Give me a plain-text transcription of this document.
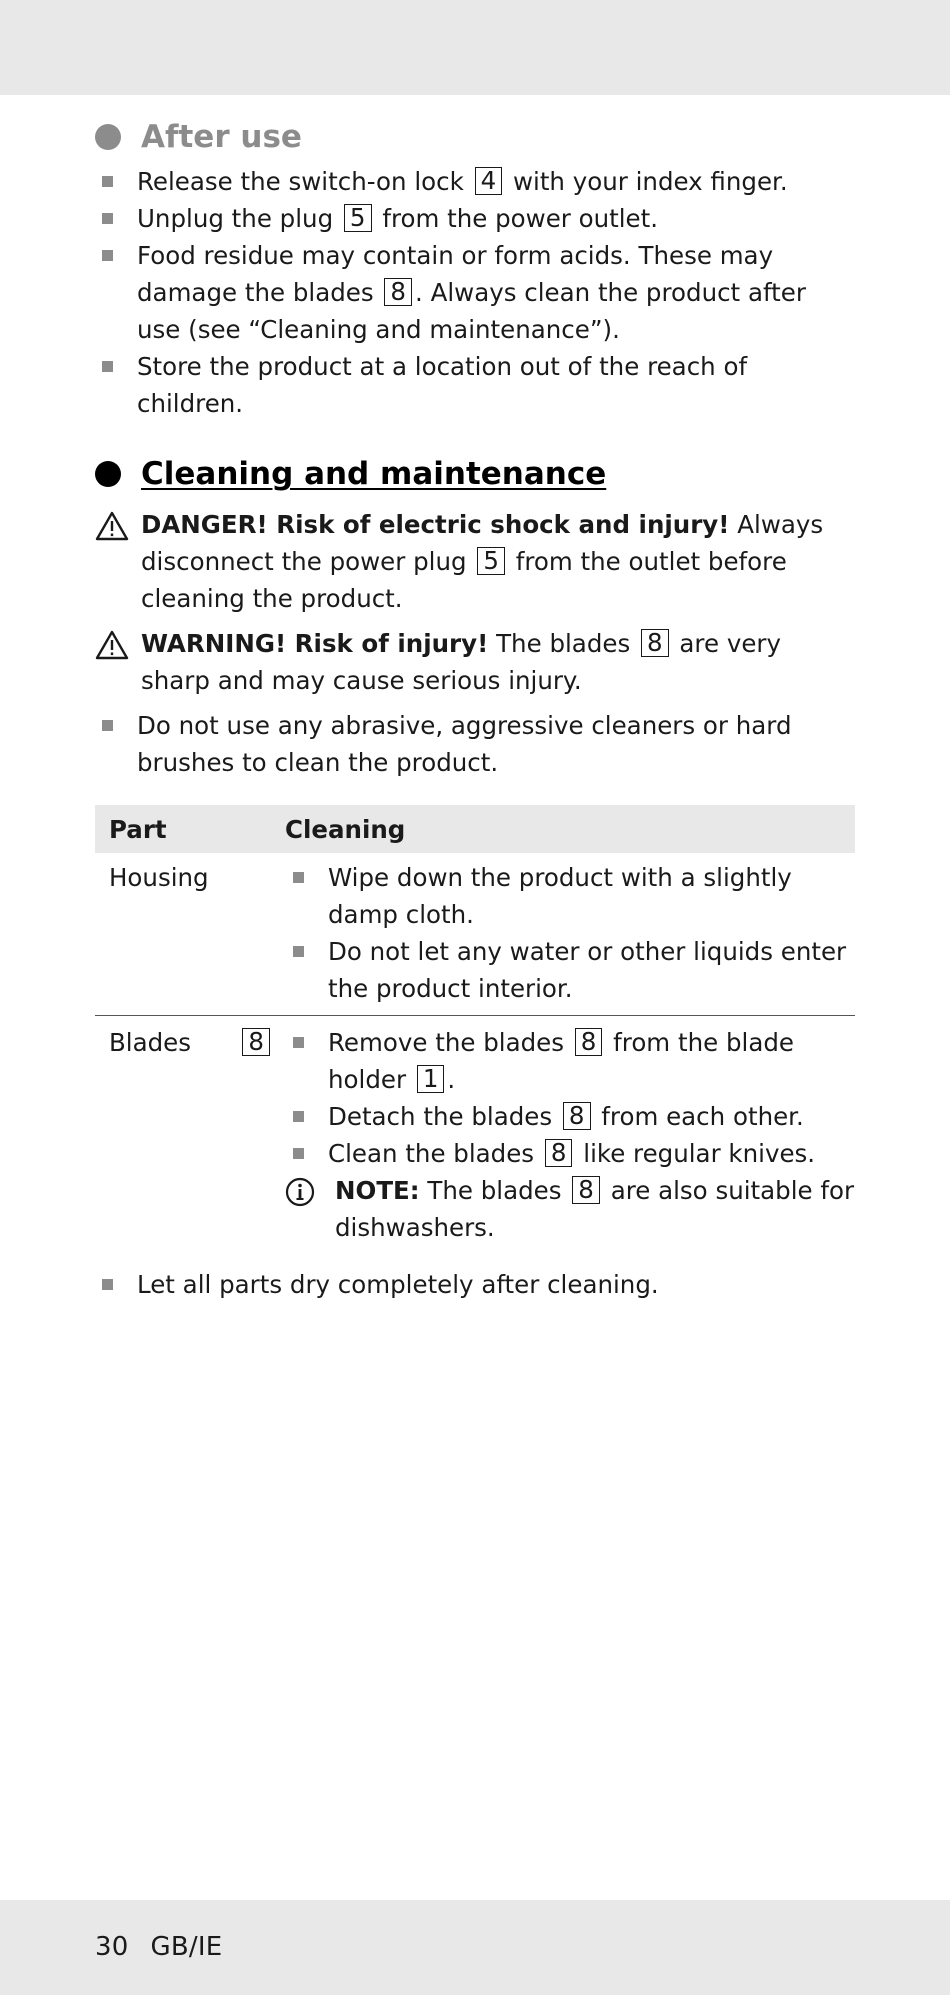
After use
Release the switch-on lock 4 with your index finger.
Unplug the plug 5 from the power outlet.
Food residue may contain or form acids. These may damage the blades 8 . Always clean the product after use (see “Cleaning and maintenance”).
Store the product at a location out of the reach of children.
Cleaning and maintenance
DANGER! Risk of electric shock and injury! Always disconnect the power plug 5 from the outlet before cleaning the product.
WARNING! Risk of injury! The blades 8 are very sharp and may cause serious injury.
Do not use any abrasive, aggressive cleaners or hard brushes to clean the product.
Part	Cleaning
Housing	Wipe down the product with a slightly damp cloth.
Do not let any water or other liquids enter the product interior.
Blades	8	Remove the blades 8 from the blade holder 1 .
Detach the blades 8 from each other.
Clean the blades 8 like regular knives.
NOTE: The blades 8 are also suitable for dishwashers.
Let all parts dry completely after cleaning.
30 GB/IE
